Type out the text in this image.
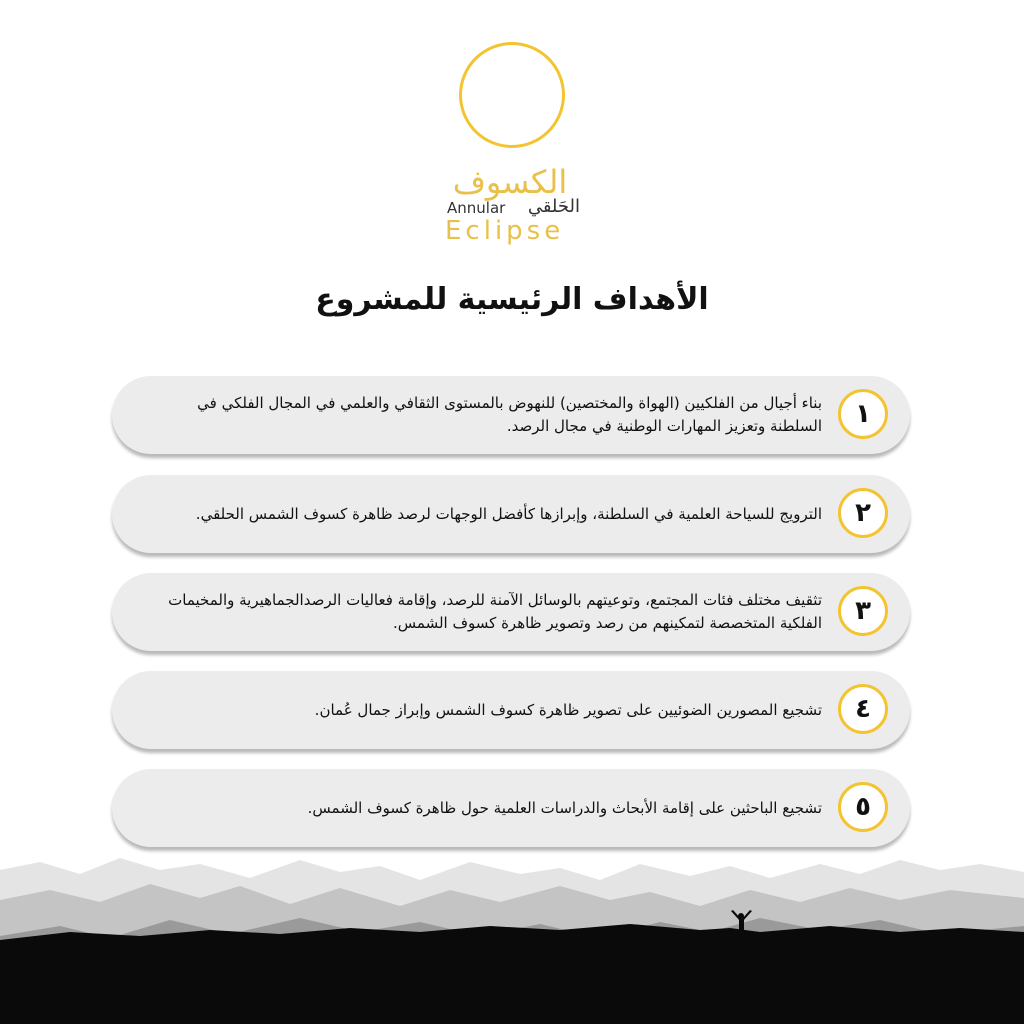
الكسوف
الحَلقي
Annular
Eclipse
الأهداف الرئيسية للمشروع
١
بناء أجيال من الفلكيين (الهواة والمختصين) للنهوض بالمستوى الثقافي والعلمي في المجال الفلكي في السلطنة وتعزيز المهارات الوطنية في مجال الرصد.
٢
الترويج للسياحة العلمية في السلطنة، وإبرازها كأفضل الوجهات لرصد ظاهرة كسوف الشمس الحلقي.
٣
تثقيف مختلف فئات المجتمع، وتوعيتهم بالوسائل الآمنة للرصد، وإقامة فعاليات الرصدالجماهيرية والمخيمات الفلكية المتخصصة لتمكينهم من رصد وتصوير ظاهرة كسوف الشمس.
٤
تشجيع المصورين الضوئيين على تصوير ظاهرة كسوف الشمس وإبراز جمال عُمان.
٥
تشجيع الباحثين على إقامة الأبحاث والدراسات العلمية حول ظاهرة كسوف الشمس.
